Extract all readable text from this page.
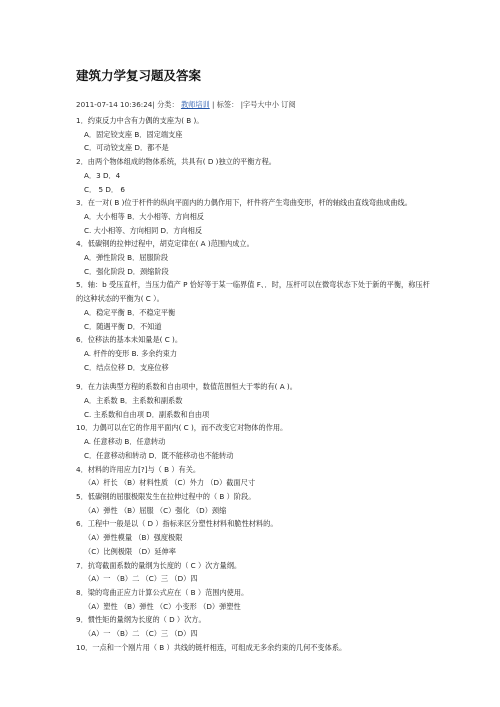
建筑力学复习题及答案
2011-07-14 10:36:24| 分类： 教师培训 | 标签： |字号大中小 订阅
1．约束反力中含有力偶的支座为( B )。
A．固定铰支座 B．固定端支座
C．可动铰支座 D．都不是
2．由两个物体组成的物体系统，共具有( D )独立的平衡方程。
A．3 D．4
C． 5 D． 6
3．在一对( B )位于杆件的纵向平面内的力偶作用下，杆件将产生弯曲变形，杆的轴线由直线弯曲成曲线。
A．大小相等 B．大小相等、方向相反
C. 大小相等、方向相同 D．方向相反
4．低碳钢的拉伸过程中，胡克定律在( A )范围内成立。
A．弹性阶段 B．屈服阶段
C．强化阶段 D．颈缩阶段
5．轴：b 受压直杆，当压力值产 P 恰好等于某一临界值 F、．时，压杆可以在微弯状态下处于新的平衡，称压杆的这种状态的平衡为( C ）。
A．稳定平衡 B．不稳定平衡
C．随遇平衡 D．不知道
6．位移法的基本未知量是( C )。
A. 杆件的变形 B. 多余约束力
C．结点位移 D．支座位移
9．在力法典型方程的系数和自由项中，数值范围恒大于零的有( A )。
A．主系数 B．主系数和副系数
C. 主系数和自由项 D．副系数和自由项
10．力偶可以在它的作用平面内( C )，而不改变它对物体的作用。
A. 任意移动 B．任意转动
C．任意移动和转动 D．既不能移动也不能转动
4．材料的许用应力[?]与（ B ）有关。
（A）杆长 （B）材料性质 （C）外力 （D）截面尺寸
5．低碳钢的屈服极限发生在拉伸过程中的（ B ）阶段。
（A）弹性 （B）屈服 （C）强化 （D）颈缩
6．工程中一般是以（ D ）指标来区分塑性材料和脆性材料的。
（A）弹性模量 （B）强度极限
（C）比例极限 （D）延伸率
7．抗弯截面系数的量纲为长度的（ C ）次方量纲。
（A）一 （B）二 （C）三 （D）四
8．梁的弯曲正应力计算公式应在（ B ）范围内使用。
（A）塑性 （B）弹性 （C）小变形 （D）弹塑性
9．惯性矩的量纲为长度的（ D ）次方。
（A）一 （B）二 （C）三 （D）四
10．一点和一个刚片用（ B ）共线的链杆相连，可组成无多余约束的几何不变体系。
